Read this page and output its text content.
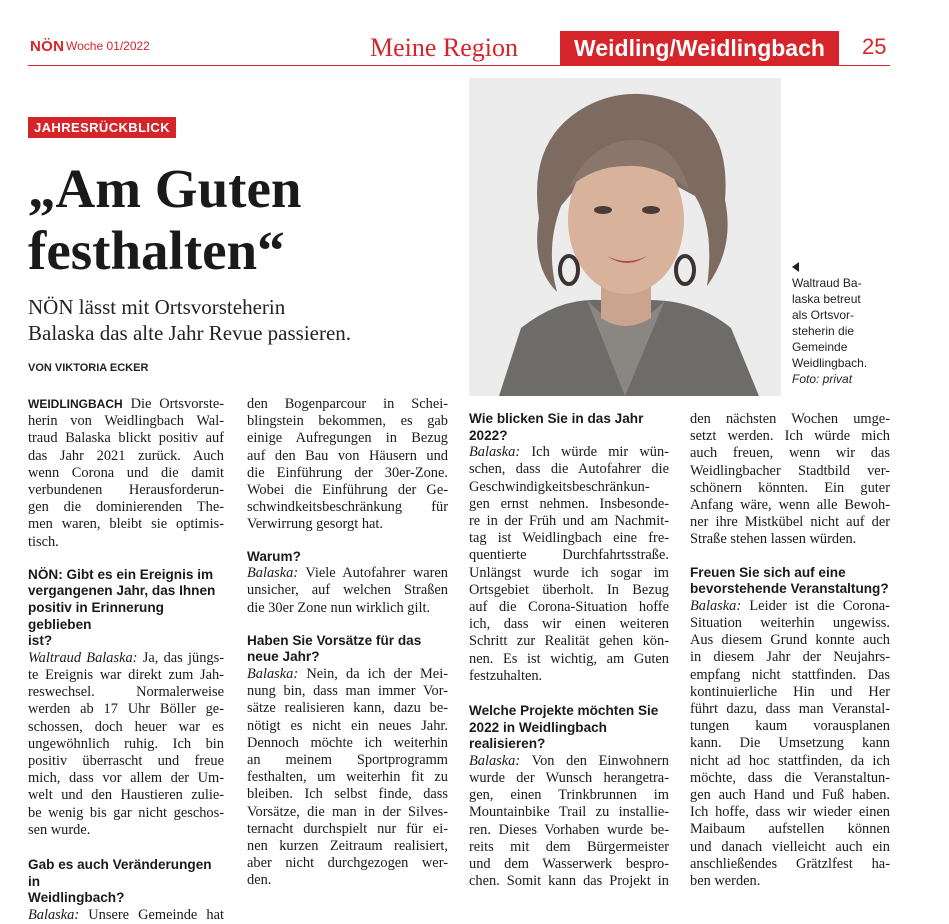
NÖN Woche 01/2022	Meine Region	Weidling/Weidlingbach	25
JAHRESRÜCKBLICK
„Am Guten
festhalten“
NÖN lässt mit Ortsvorsteherin
Balaska das alte Jahr Revue passieren.
VON VIKTORIA ECKER
Waltraud Ba-
laska betreut
als Ortsvor-
steherin die
Gemeinde
Weidlingbach.
Foto: privat
WEIDLINGBACH Die Ortsvorste-
herin von Weidlingbach Wal-
traud Balaska blickt positiv auf
das Jahr 2021 zurück. Auch
wenn Corona und die damit
verbundenen Herausforderun-
gen die dominierenden The-
men waren, bleibt sie optimis-
tisch.
NÖN: Gibt es ein Ereignis im
vergangenen Jahr, das Ihnen
positiv in Erinnerung geblieben
ist?
Waltraud Balaska: Ja, das jüngs-
te Ereignis war direkt zum Jah-
reswechsel. Normalerweise
werden ab 17 Uhr Böller ge-
schossen, doch heuer war es
ungewöhnlich ruhig. Ich bin
positiv überrascht und freue
mich, dass vor allem der Um-
welt und den Haustieren zulie-
be wenig bis gar nicht geschos-
sen wurde.
Gab es auch Veränderungen in
Weidlingbach?
Balaska: Unsere Gemeinde hat
den Bogenparcour in Schei-
blingstein bekommen, es gab
einige Aufregungen in Bezug
auf den Bau von Häusern und
die Einführung der 30er-Zone.
Wobei die Einführung der Ge-
schwindkeitsbeschränkung für
Verwirrung gesorgt hat.
Warum?
Balaska: Viele Autofahrer waren
unsicher, auf welchen Straßen
die 30er Zone nun wirklich gilt.
Haben Sie Vorsätze für das
neue Jahr?
Balaska: Nein, da ich der Mei-
nung bin, dass man immer Vor-
sätze realisieren kann, dazu be-
nötigt es nicht ein neues Jahr.
Dennoch möchte ich weiterhin
an meinem Sportprogramm
festhalten, um weiterhin fit zu
bleiben. Ich selbst finde, dass
Vorsätze, die man in der Silves-
ternacht durchspielt nur für ei-
nen kurzen Zeitraum realisiert,
aber nicht durchgezogen wer-
den.
Wie blicken Sie in das Jahr
2022?
Balaska: Ich würde mir wün-
schen, dass die Autofahrer die
Geschwindigkeitsbeschränkun-
gen ernst nehmen. Insbesonde-
re in der Früh und am Nachmit-
tag ist Weidlingbach eine fre-
quentierte Durchfahrtsstraße.
Unlängst wurde ich sogar im
Ortsgebiet überholt. In Bezug
auf die Corona-Situation hoffe
ich, dass wir einen weiteren
Schritt zur Realität gehen kön-
nen. Es ist wichtig, am Guten
festzuhalten.
Welche Projekte möchten Sie
2022 in Weidlingbach
realisieren?
Balaska: Von den Einwohnern
wurde der Wunsch herangetra-
gen, einen Trinkbrunnen im
Mountainbike Trail zu installie-
ren. Dieses Vorhaben wurde be-
reits mit dem Bürgermeister
und dem Wasserwerk bespro-
chen. Somit kann das Projekt in
den nächsten Wochen umge-
setzt werden. Ich würde mich
auch freuen, wenn wir das
Weidlingbacher Stadtbild ver-
schönern könnten. Ein guter
Anfang wäre, wenn alle Bewoh-
ner ihre Mistkübel nicht auf der
Straße stehen lassen würden.
Freuen Sie sich auf eine
bevorstehende Veranstaltung?
Balaska: Leider ist die Corona-
Situation weiterhin ungewiss.
Aus diesem Grund konnte auch
in diesem Jahr der Neujahrs-
empfang nicht stattfinden. Das
kontinuierliche Hin und Her
führt dazu, dass man Veranstal-
tungen kaum vorausplanen
kann. Die Umsetzung kann
nicht ad hoc stattfinden, da ich
möchte, dass die Veranstaltun-
gen auch Hand und Fuß haben.
Ich hoffe, dass wir wieder einen
Maibaum aufstellen können
und danach vielleicht auch ein
anschließendes Grätzlfest ha-
ben werden.
